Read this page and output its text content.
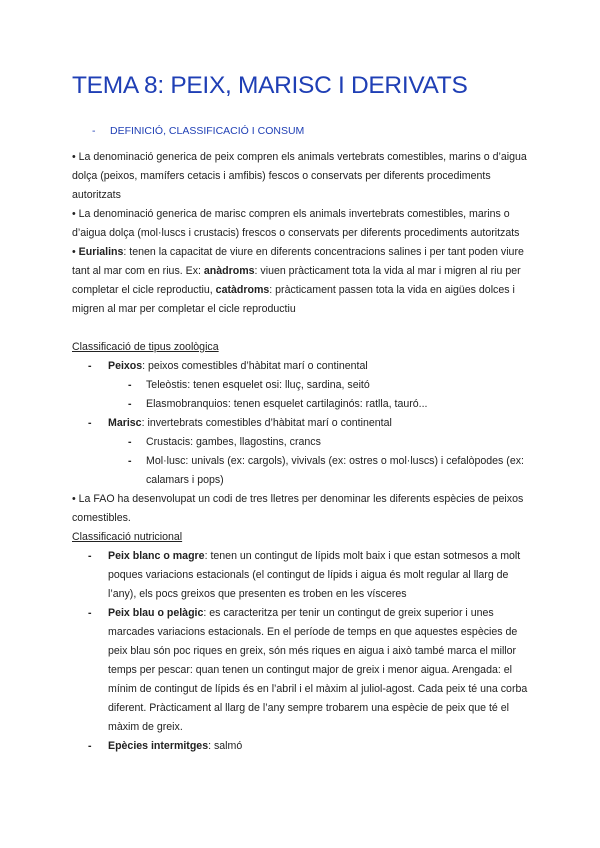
TEMA 8: PEIX, MARISC I DERIVATS
- DEFINICIÓ, CLASSIFICACIÓ I CONSUM

• La denominació generica de peix compren els animals vertebrats comestibles, marins o d’aigua dolça (peixos, mamífers cetacis i amfibis) fescos o conservats per diferents procediments autoritzats

• La denominació generica de marisc compren els animals invertebrats comestibles, marins o d’aigua dolça (mol·luscs i crustacis) frescos o conservats per diferents procediments autoritzats

• Eurialins: tenen la capacitat de viure en diferents concentracions salines i per tant poden viure tant al mar com en rius. Ex: anàdroms: viuen pràcticament tota la vida al mar i migren al riu per completar el cicle reproductiu, catàdroms: pràcticament passen tota la vida en aigües dolces i migren al mar per completar el cicle reproductiu

Classificació de tipus zoològica

- Peixos: peixos comestibles d’hàbitat marí o continental

- Teleòstis: tenen esquelet osi: lluç, sardina, seitó

- Elasmobranquios: tenen esquelet cartilaginós: ratlla, tauró...

- Marisc: invertebrats comestibles d’hàbitat marí o continental

- Crustacis: gambes, llagostins, crancs

- Mol·lusc: univals (ex: cargols), vivivals (ex: ostres o mol·luscs) i cefalòpodes (ex: calamars i pops)

• La FAO ha desenvolupat un codi de tres lletres per denominar les diferents espècies de peixos comestibles.

Classificació nutricional

- Peix blanc o magre: tenen un contingut de lípids molt baix i que estan sotmesos a molt poques variacions estacionals (el contingut de lípids i aigua és molt regular al llarg de l’any), els pocs greixos que presenten es troben en les vísceres

- Peix blau o pelàgic: es caracteritza per tenir un contingut de greix superior i unes marcades variacions estacionals. En el període de temps en que aquestes espècies de peix blau són poc riques en greix, són més riques en aigua i això també marca el millor temps per pescar: quan tenen un contingut major de greix i menor aigua. Arengada: el mínim de contingut de lípids és en l’abril i el màxim al juliol-agost. Cada peix té una corba diferent. Pràcticament al llarg de l’any sempre trobarem una espècie de peix que té el màxim de greix.

- Epècies intermitges: salmó
